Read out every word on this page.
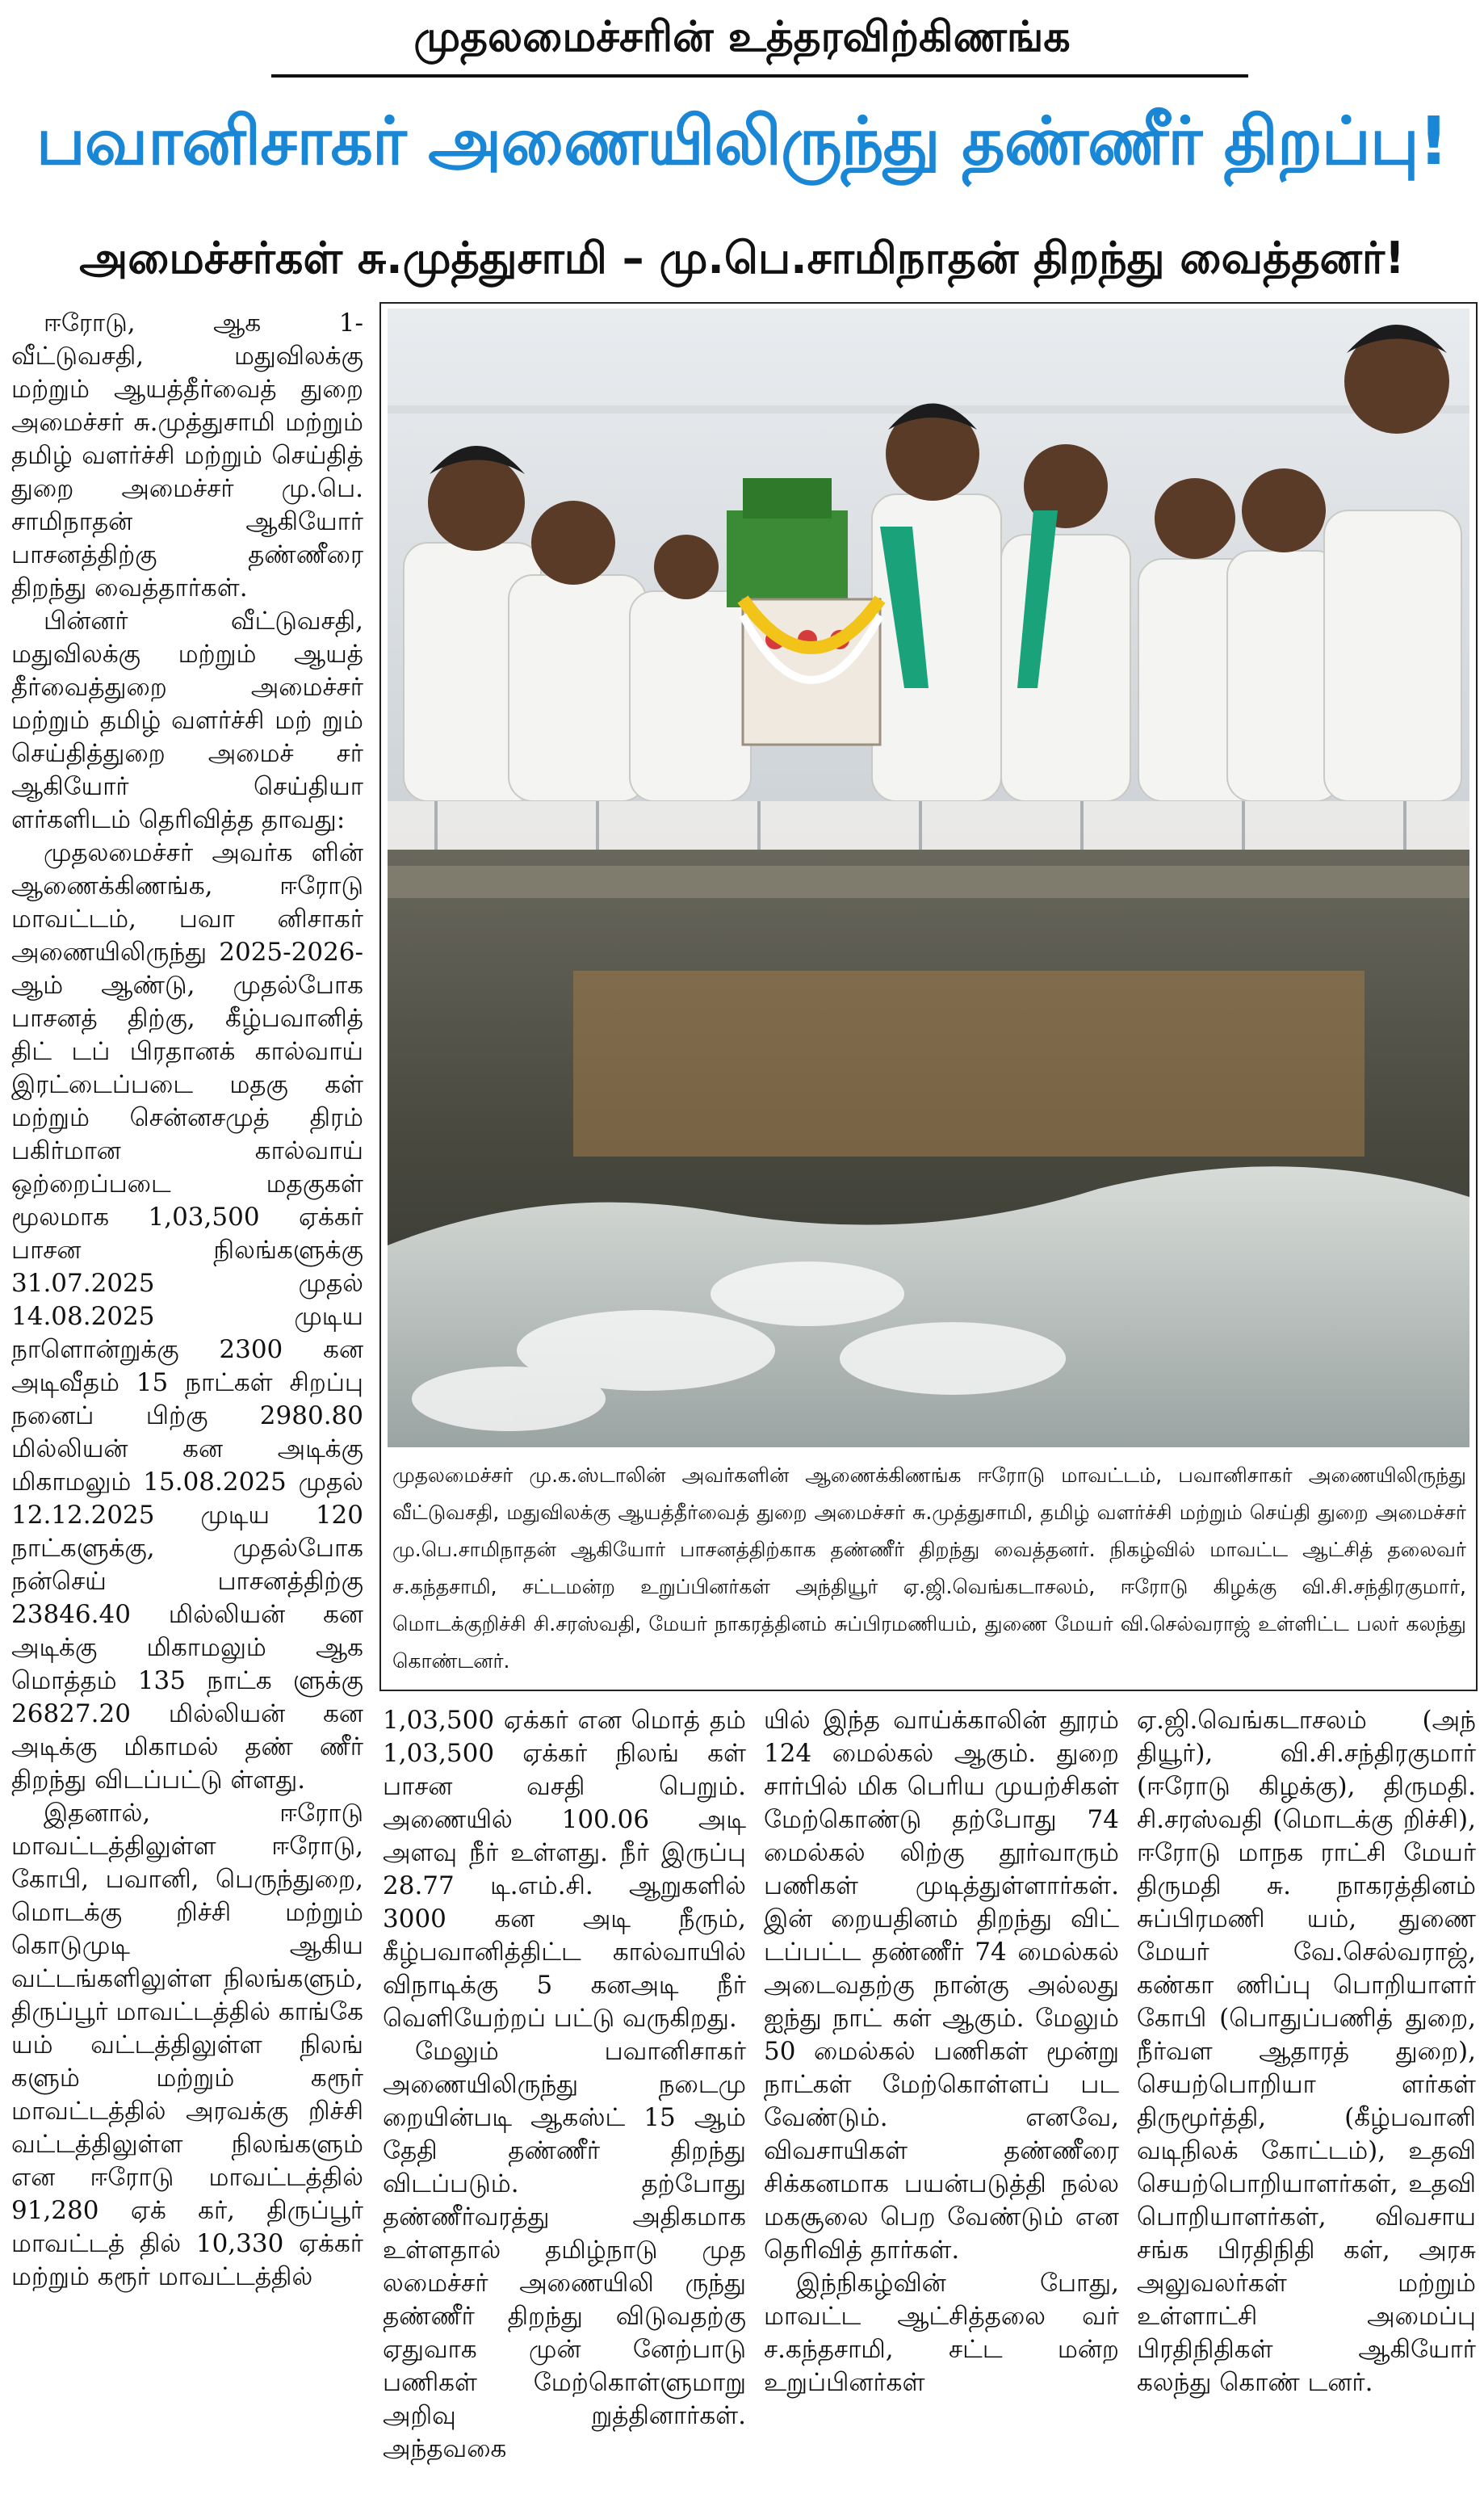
முதலமைச்சரின் உத்தரவிற்கிணங்க
பவானிசாகர் அணையிலிருந்து தண்ணீர் திறப்பு!
அமைச்சர்கள் சு.முத்துசாமி – மு.பெ.சாமிநாதன் திறந்து வைத்தனர்!

ஈரோடு, ஆக 1- வீட்டுவசதி, மதுவிலக்கு மற்றும் ஆயத்தீர்வைத் துறை அமைச்சர் சு.முத்துசாமி மற்றும் தமிழ் வளர்ச்சி மற்றும் செய்தித் துறை அமைச்சர் மு.பெ. சாமிநாதன் ஆகியோர் பாசனத்திற்கு தண்ணீரை திறந்து வைத்தார்கள்.

பின்னர் வீட்டுவசதி, மதுவிலக்கு மற்றும் ஆயத் தீர்வைத்துறை அமைச்சர் மற்றும் தமிழ் வளர்ச்சி மற் றும் செய்தித்துறை அமைச் சர் ஆகியோர் செய்தியா ளர்களிடம் தெரிவித்த தாவது:

முதலமைச்சர் அவர்க ளின் ஆணைக்கிணங்க, ஈரோடு மாவட்டம், பவா னிசாகர் அணையிலிருந்து 2025-2026-ஆம் ஆண்டு, முதல்போக பாசனத் திற்கு, கீழ்பவானித் திட் டப் பிரதானக் கால்வாய் இரட்டைப்படை மதகு கள் மற்றும் சென்னசமுத் திரம் பகிர்மான கால்வாய் ஒற்றைப்படை மதகுகள் மூலமாக 1,03,500 ஏக்கர் பாசன நிலங்களுக்கு 31.07.2025 முதல் 14.08.2025 முடிய நாளொன்றுக்கு 2300 கன அடிவீதம் 15 நாட்கள் சிறப்பு நனைப் பிற்கு 2980.80 மில்லியன் கன அடிக்கு மிகாமலும் 15.08.2025 முதல் 12.12.2025 முடிய 120 நாட்களுக்கு, முதல்போக நன்செய் பாசனத்திற்கு 23846.40 மில்லியன் கன அடிக்கு மிகாமலும் ஆக மொத்தம் 135 நாட்க ளுக்கு 26827.20 மில்லியன் கன அடிக்கு மிகாமல் தண் ணீர் திறந்து விடப்பட்டு ள்ளது.

இதனால், ஈரோடு மாவட்டத்திலுள்ள ஈரோடு, கோபி, பவானி, பெருந்துறை, மொடக்கு றிச்சி மற்றும் கொடுமுடி ஆகிய வட்டங்களிலுள்ள நிலங்களும், திருப்பூர் மாவட்டத்தில் காங்கே யம் வட்டத்திலுள்ள நிலங் களும் மற்றும் கரூர் மாவட்டத்தில் அரவக்கு றிச்சி வட்டத்திலுள்ள நிலங்களும் என ஈரோடு மாவட்டத்தில் 91,280 ஏக் கர், திருப்பூர் மாவட்டத் தில் 10,330 ஏக்கர் மற்றும் கரூர் மாவட்டத்தில்

முதலமைச்சர் மு.க.ஸ்டாலின் அவர்களின் ஆணைக்கிணங்க ஈரோடு மாவட்டம், பவானிசாகர் அணையிலிருந்து வீட்டுவசதி, மதுவிலக்கு ஆயத்தீர்வைத் துறை அமைச்சர் சு.முத்துசாமி, தமிழ் வளர்ச்சி மற்றும் செய்தி துறை அமைச்சர் மு.பெ.சாமிநாதன் ஆகியோர் பாசனத்திற்காக தண்ணீர் திறந்து வைத்தனர். நிகழ்வில் மாவட்ட ஆட்சித் தலைவர் ச.கந்தசாமி, சட்டமன்ற உறுப்பினர்கள் அந்தியூர் ஏ.ஜி.வெங்கடாசலம், ஈரோடு கிழக்கு வி.சி.சந்திரகுமார், மொடக்குறிச்சி சி.சரஸ்வதி, மேயர் நாகரத்தினம் சுப்பிரமணியம், துணை மேயர் வி.செல்வராஜ் உள்ளிட்ட பலர் கலந்து கொண்டனர்.

1,03,500 ஏக்கர் என மொத் தம் 1,03,500 ஏக்கர் நிலங் கள் பாசன வசதி பெறும். அணையில் 100.06 அடி அளவு நீர் உள்ளது. நீர் இருப்பு 28.77 டி.எம்.சி. ஆறுகளில் 3000 கன அடி நீரும், கீழ்பவானித்திட்ட கால்வாயில் விநாடிக்கு 5 கனஅடி நீர் வெளியேற்றப் பட்டு வருகிறது.

மேலும் பவானிசாகர் அணையிலிருந்து நடைமு றையின்படி ஆகஸ்ட் 15 ஆம் தேதி தண்ணீர் திறந்து விடப்படும். தற்போது தண்ணீர்வரத்து அதிகமாக உள்ளதால் தமிழ்நாடு முத லமைச்சர் அணையிலி ருந்து தண்ணீர் திறந்து விடுவதற்கு ஏதுவாக முன் னேற்பாடு பணிகள் மேற்கொள்ளுமாறு அறிவு றுத்தினார்கள். அந்தவகை

யில் இந்த வாய்க்காலின் தூரம் 124 மைல்கல் ஆகும். துறை சார்பில் மிக பெரிய முயற்சிகள் மேற்கொண்டு தற்போது 74 மைல்கல் லிற்கு தூர்வாரும் பணிகள் முடித்துள்ளார்கள். இன் றையதினம் திறந்து விட் டப்பட்ட தண்ணீர் 74 மைல்கல் அடைவதற்கு நான்கு அல்லது ஐந்து நாட் கள் ஆகும். மேலும் 50 மைல்கல் பணிகள் மூன்று நாட்கள் மேற்கொள்ளப் பட வேண்டும். எனவே, விவசாயிகள் தண்ணீரை சிக்கனமாக பயன்படுத்தி நல்ல மகசூலை பெற வேண்டும் என தெரிவித் தார்கள்.

இந்நிகழ்வின் போது, மாவட்ட ஆட்சித்தலை வர் ச.கந்தசாமி, சட்ட மன்ற உறுப்பினர்கள்

ஏ.ஜி.வெங்கடாசலம் (அந் தியூர்), வி.சி.சந்திரகுமார் (ஈரோடு கிழக்கு), திருமதி. சி.சரஸ்வதி (மொடக்கு றிச்சி), ஈரோடு மாநக ராட்சி மேயர் திருமதி சு. நாகரத்தினம் சுப்பிரமணி யம், துணை மேயர் வே.செல்வராஜ், கண்கா ணிப்பு பொறியாளர் கோபி (பொதுப்பணித் துறை, நீர்வள ஆதாரத் துறை), செயற்பொறியா ளர்கள் திருமூர்த்தி, (கீழ்பவானி வடிநிலக் கோட்டம்), உதவி செயற்பொறியாளர்கள், உதவி பொறியாளர்கள், விவசாய சங்க பிரதிநிதி கள், அரசு அலுவலர்கள் மற்றும் உள்ளாட்சி அமைப்பு பிரதிநிதிகள் ஆகியோர் கலந்து கொண் டனர்.
